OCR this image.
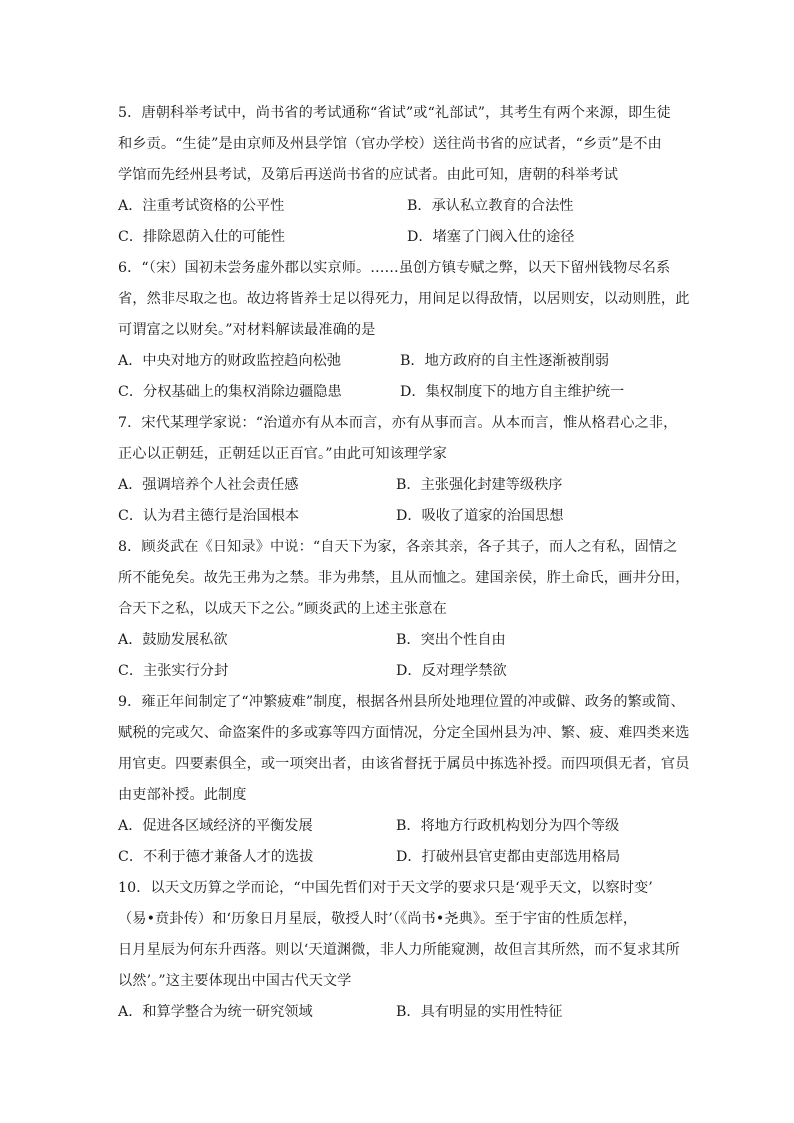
5．唐朝科举考试中，尚书省的考试通称“省试”或“礼部试”，其考生有两个来源，即生徒
和乡贡。“生徒”是由京师及州县学馆（官办学校）送往尚书省的应试者，“乡贡”是不由
学馆而先经州县考试，及第后再送尚书省的应试者。由此可知，唐朝的科举考试
A．注重考试资格的公平性	B．承认私立教育的合法性
C．排除恩荫入仕的可能性	D．堵塞了门阀入仕的途径
6．“（宋）国初未尝务虚外郡以实京师。……虽创方镇专赋之弊，以天下留州钱物尽名系
省，然非尽取之也。故边将皆养士足以得死力，用间足以得敌情，以居则安，以动则胜，此
可谓富之以财矣。”对材料解读最准确的是
A．中央对地方的财政监控趋向松弛	B．地方政府的自主性逐渐被削弱
C．分权基础上的集权消除边疆隐患	D．集权制度下的地方自主维护统一
7．宋代某理学家说：“治道亦有从本而言，亦有从事而言。从本而言，惟从格君心之非，
正心以正朝廷，正朝廷以正百官。”由此可知该理学家
A．强调培养个人社会责任感	B．主张强化封建等级秩序
C．认为君主德行是治国根本	D．吸收了道家的治国思想
8．顾炎武在《日知录》中说：“自天下为家，各亲其亲，各子其子，而人之有私，固情之
所不能免矣。故先王弗为之禁。非为弗禁，且从而恤之。建国亲侯，胙土命氏，画井分田，
合天下之私，以成天下之公。”顾炎武的上述主张意在
A．鼓励发展私欲	B．突出个性自由
C．主张实行分封	D．反对理学禁欲
9．雍正年间制定了“冲繁疲难”制度，根据各州县所处地理位置的冲或僻、政务的繁或简、
赋税的完或欠、命盗案件的多或寡等四方面情况，分定全国州县为冲、繁、疲、难四类来选
用官吏。四要素俱全，或一项突出者，由该省督抚于属员中拣选补授。而四项俱无者，官员
由吏部补授。此制度
A．促进各区域经济的平衡发展	B．将地方行政机构划分为四个等级
C．不利于德才兼备人才的选拔	D．打破州县官吏都由吏部选用格局
10．以天文历算之学而论，“中国先哲们对于天文学的要求只是‘观乎天文，以察时变’
（易•贲卦传）和‘历象日月星辰，敬授人时’（《尚书•尧典》。至于宇宙的性质怎样，
日月星辰为何东升西落。则以‘天道渊微，非人力所能窥测，故但言其所然，而不复求其所
以然’。”这主要体现出中国古代天文学
A．和算学整合为统一研究领域	B．具有明显的实用性特征
